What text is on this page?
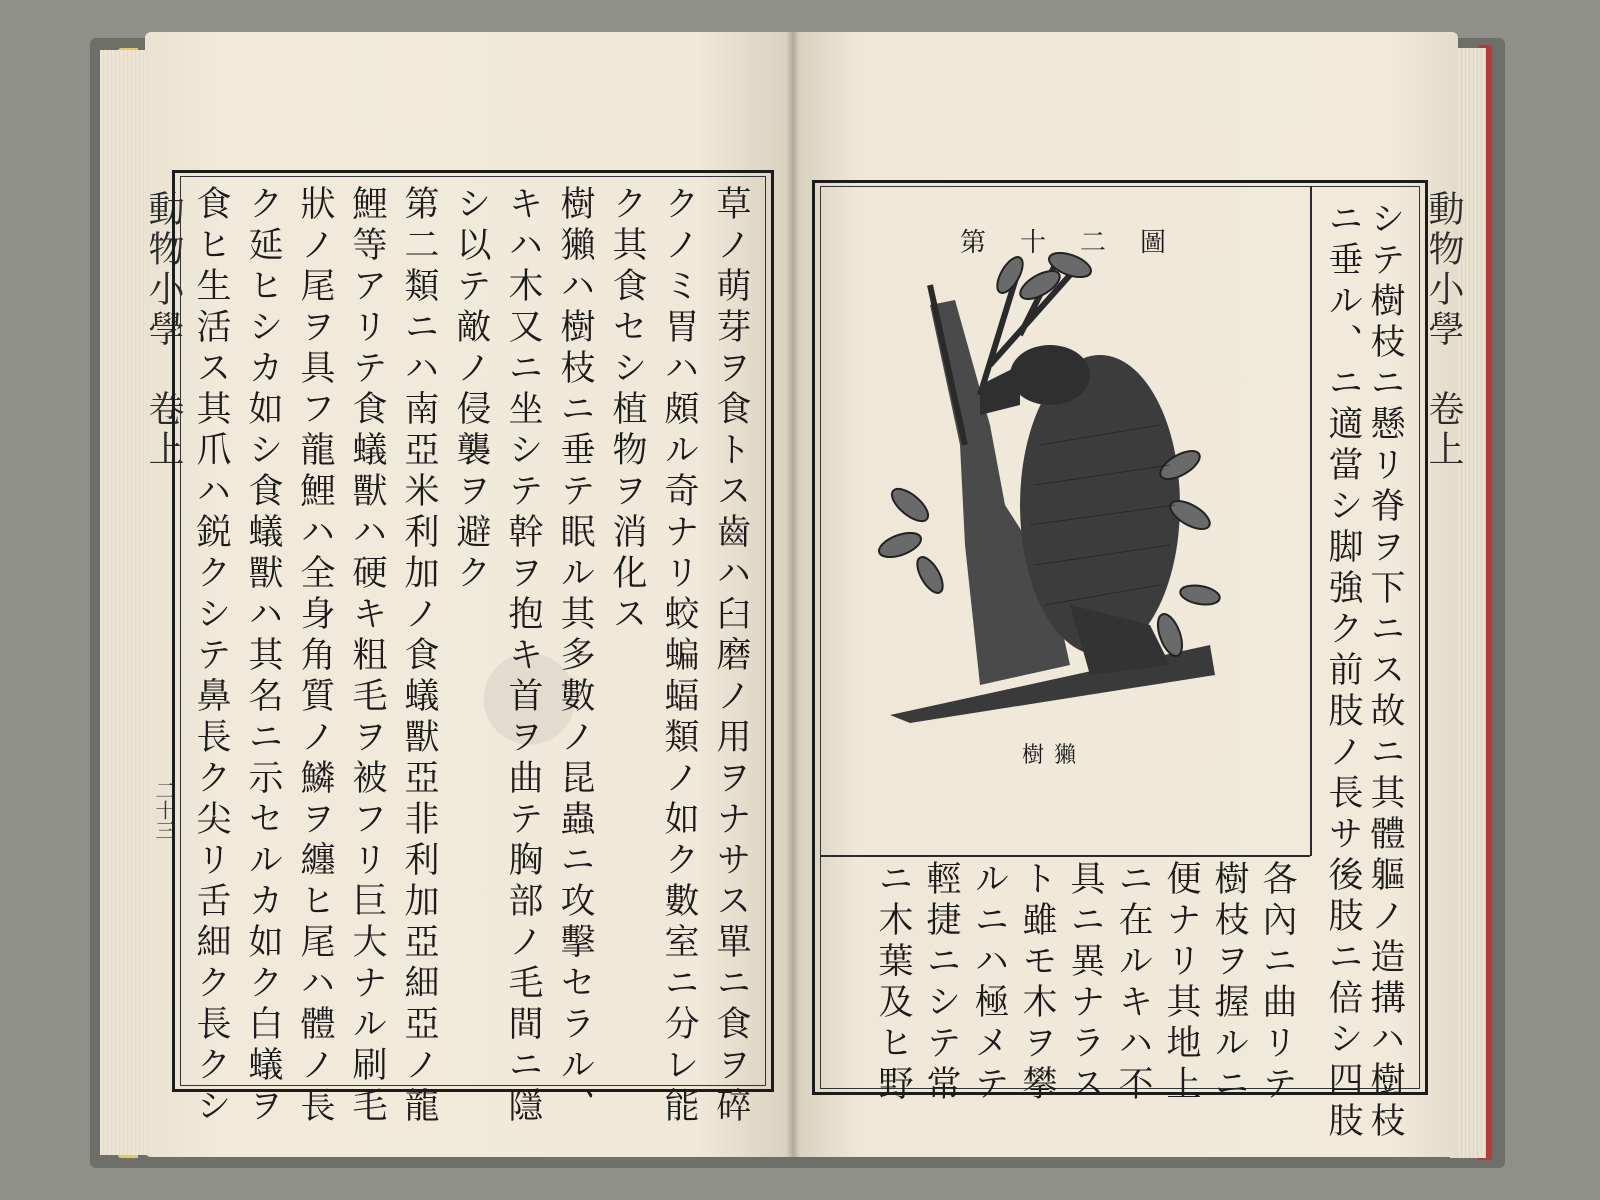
動物小學　卷上
二十三
●	草ノ萌芽ヲ食トス齒ハ臼磨ノ用ヲナサス單ニ食ヲ碎
クノミ胃ハ頗ル奇ナリ蛟蝙蝠類ノ如ク數室ニ分レ能
ク其食セシ植物ヲ消化ス
樹獺ハ樹枝ニ垂テ眠ル其多數ノ昆蟲ニ攻擊セラル、
キハ木又ニ坐シテ幹ヲ抱キ首ヲ曲テ胸部ノ毛間ニ隱
シ以テ敵ノ侵襲ヲ避ク
第二類ニハ南亞米利加ノ食蟻獸亞非利加亞細亞ノ龍
鯉等アリテ食蟻獸ハ硬キ粗毛ヲ被フリ巨大ナル刷毛
狀ノ尾ヲ具フ龍鯉ハ全身角質ノ鱗ヲ纏ヒ尾ハ體ノ長
ク延ヒシカ如シ食蟻獸ハ其名ニ示セルカ如ク白蟻ヲ
食ヒ生活ス其爪ハ鋭クシテ鼻長ク尖リ舌細ク長クシ	動物小學　卷上
第十二圖
樹獺	シテ樹枝ニ懸リ脊ヲ下ニス故ニ其體軀ノ造搆ハ樹枝
ニ垂ル、ニ適當シ脚強ク前肢ノ長サ後肢ニ倍シ四肢
各內ニ曲リテ
樹枝ヲ握ルニ
便ナリ其地上
ニ在ルキハ不
具ニ異ナラス
ト雖モ木ヲ攀
ルニハ極メテ
輕捷ニシテ常
ニ木葉及ヒ野
